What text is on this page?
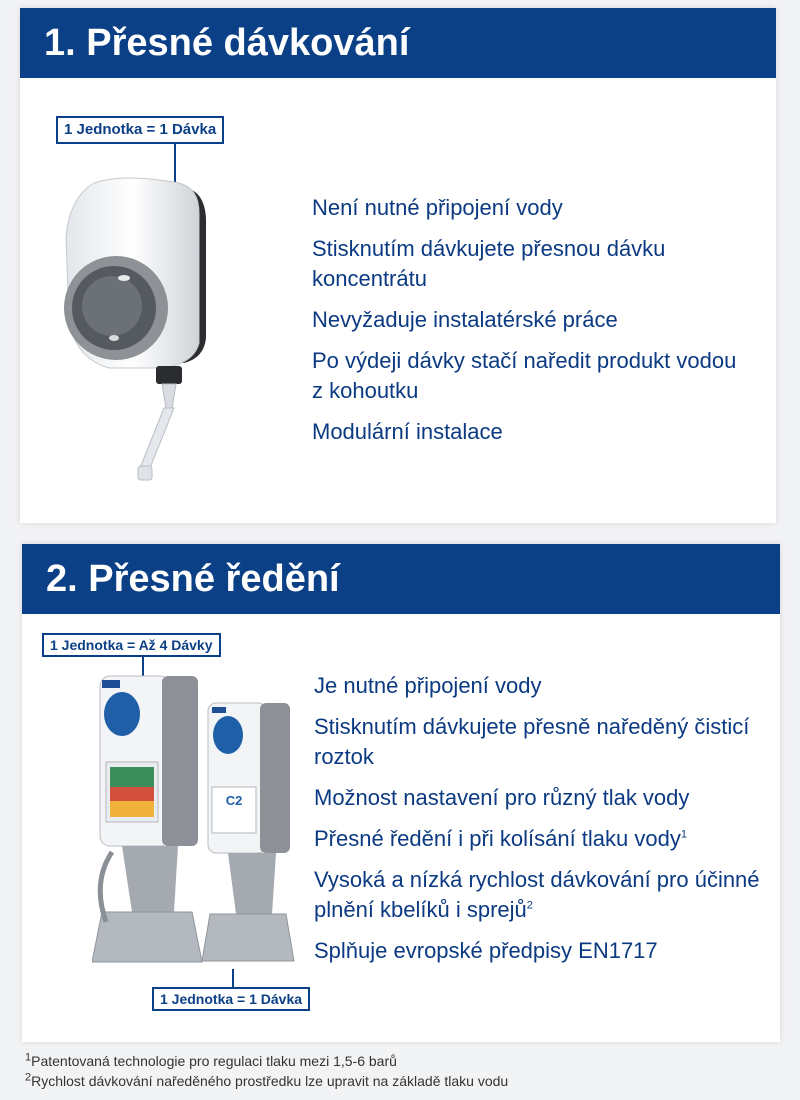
1. Přesné dávkování
1 Jednotka = 1 Dávka
Není nutné připojení vody
Stisknutím dávkujete přesnou dávku koncentrátu
Nevyžaduje instalatérské práce
Po výdeji dávky stačí naředit produkt vodou z kohoutku
Modulární instalace
2. Přesné ředění
1 Jednotka = Až 4 Dávky
C2
1 Jednotka = 1 Dávka
Je nutné připojení vody
Stisknutím dávkujete přesně naředěný čisticí roztok
Možnost nastavení pro různý tlak vody
Přesné ředění i při kolísání tlaku vody$^1$
Vysoká a nízká rychlost dávkování pro účinné plnění kbelíků i sprejů$^2$
Splňuje evropské předpisy EN1717
$^1$Patentovaná technologie pro regulaci tlaku mezi 1,5-6 barů
$^2$Rychlost dávkování naředěného prostředku lze upravit na základě tlaku vodu
